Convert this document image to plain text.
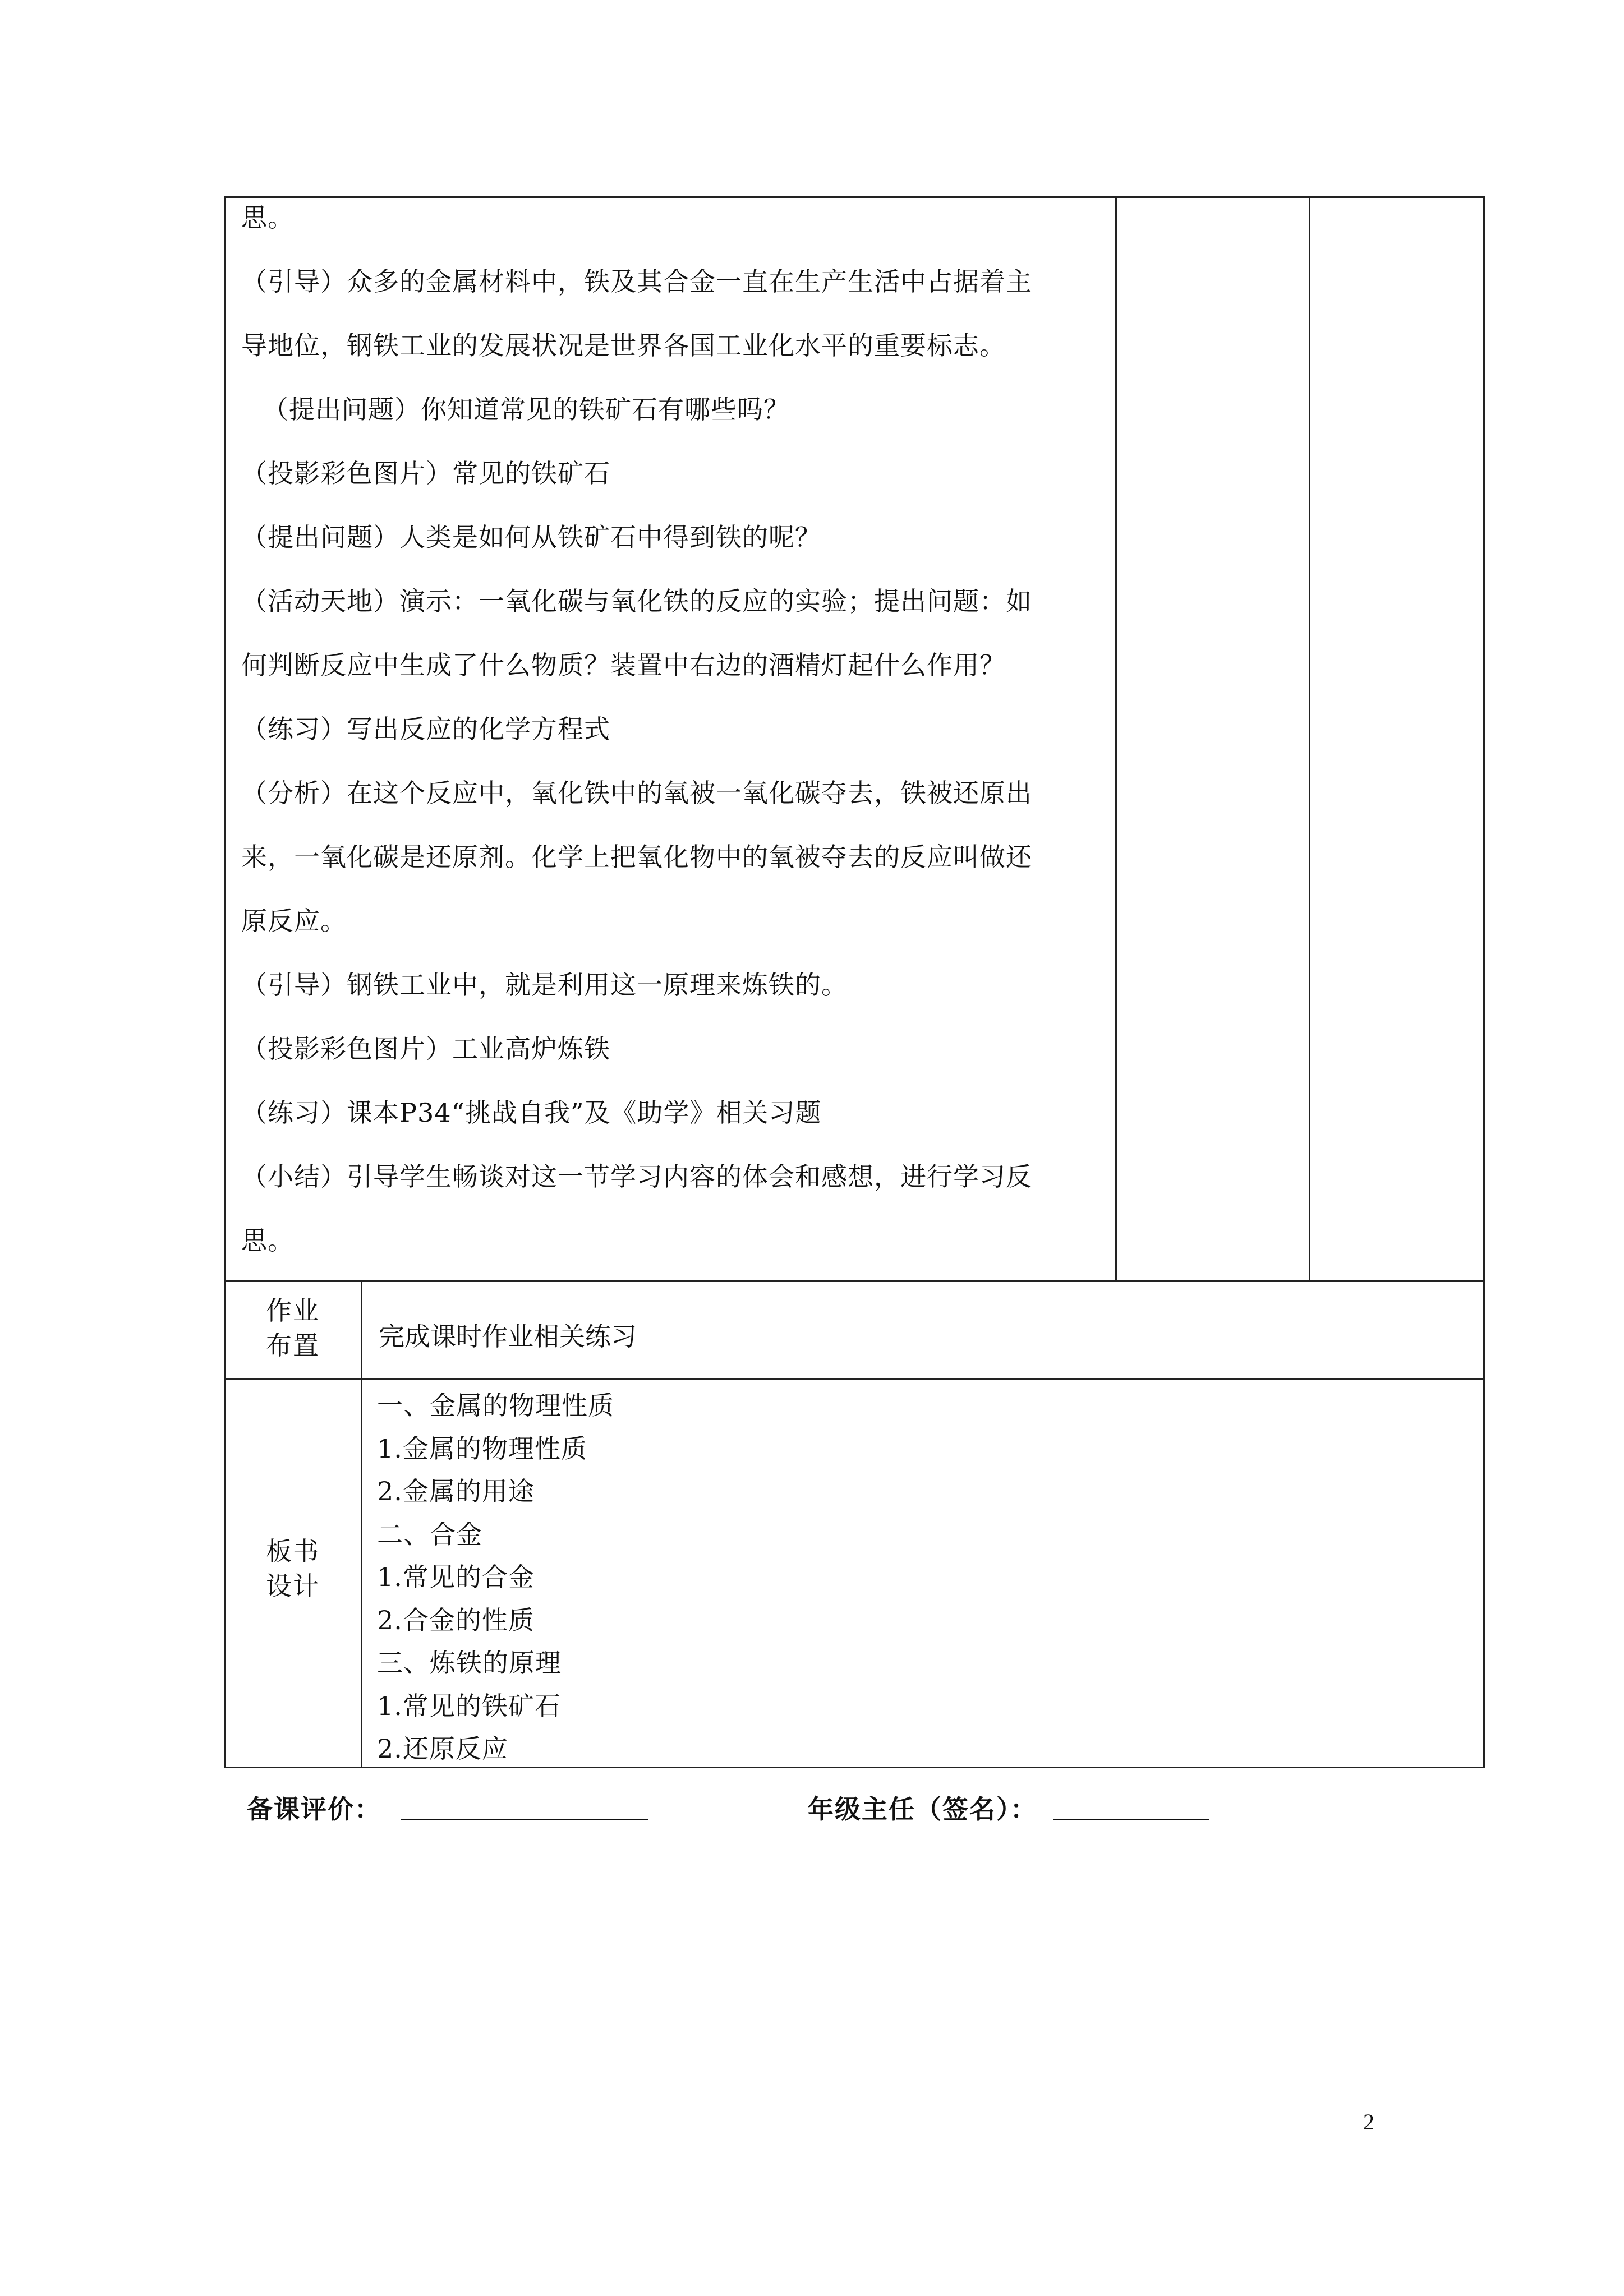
思。

（引导）众多的金属材料中，铁及其合金一直在生产生活中占据着主

导地位，钢铁工业的发展状况是世界各国工业化水平的重要标志。

（提出问题）你知道常见的铁矿石有哪些吗？

（投影彩色图片）常见的铁矿石

（提出问题）人类是如何从铁矿石中得到铁的呢？

（活动天地）演示：一氧化碳与氧化铁的反应的实验；提出问题：如

何判断反应中生成了什么物质？装置中右边的酒精灯起什么作用？

（练习）写出反应的化学方程式

（分析）在这个反应中，氧化铁中的氧被一氧化碳夺去，铁被还原出

来，一氧化碳是还原剂。化学上把氧化物中的氧被夺去的反应叫做还

原反应。

（引导）钢铁工业中，就是利用这一原理来炼铁的。

（投影彩色图片）工业高炉炼铁

（练习）课本P34“挑战自我”及《助学》相关习题

（小结）引导学生畅谈对这一节学习内容的体会和感想，进行学习反

思。

作业
布置	完成课时作业相关练习
板书
设计

一、金属的物理性质

1.金属的物理性质

2.金属的用途

二、合金

1.常见的合金

2.合金的性质

三、炼铁的原理

1.常见的铁矿石

2.还原反应

备课评价：	年级主任（签名）：
2
